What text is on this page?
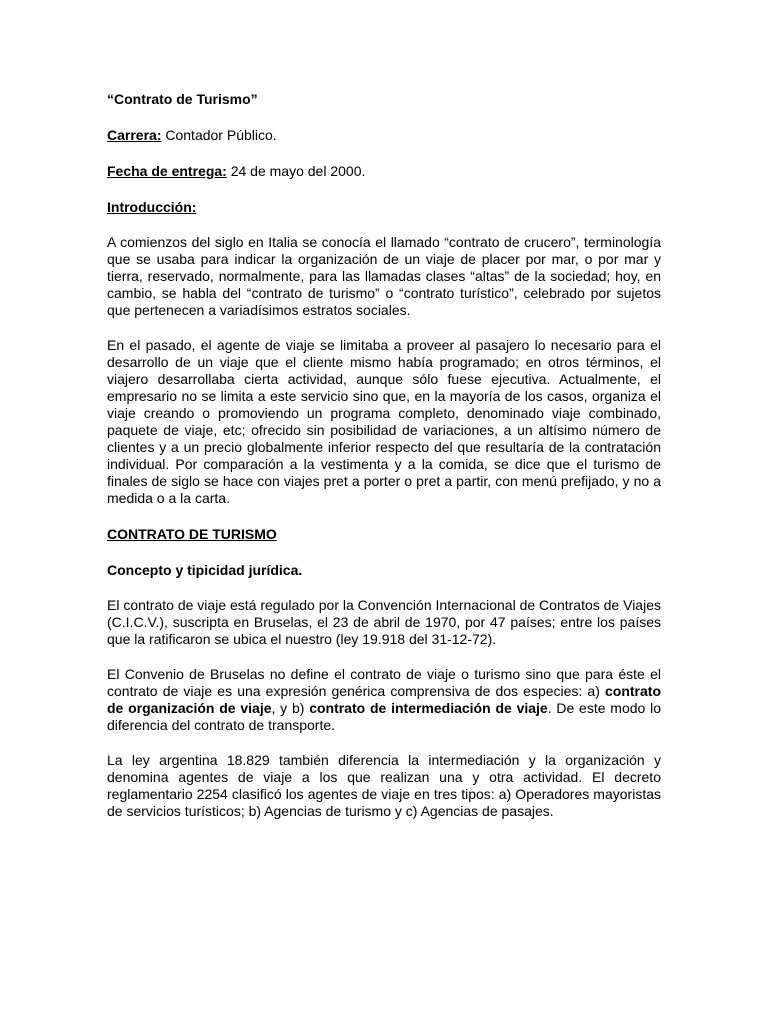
“Contrato de Turismo”

Carrera: Contador Público.

Fecha de entrega: 24 de mayo del 2000.

Introducción:

A comienzos del siglo en Italia se conocía el llamado “contrato de crucero”, terminología que se usaba para indicar la organización de un viaje de placer por mar, o por mar y tierra, reservado, normalmente, para las llamadas clases “altas” de la sociedad; hoy, en cambio, se habla del “contrato de turismo” o “contrato turístico”, celebrado por sujetos que pertenecen a variadísimos estratos sociales.

En el pasado, el agente de viaje se limitaba a proveer al pasajero lo necesario para el desarrollo de un viaje que el cliente mismo había programado; en otros términos, el viajero desarrollaba cierta actividad, aunque sólo fuese ejecutiva. Actualmente, el empresario no se limita a este servicio sino que, en la mayoría de los casos, organiza el viaje creando o promoviendo un programa completo, denominado viaje combinado, paquete de viaje, etc; ofrecido sin posibilidad de variaciones, a un altísimo número de clientes y a un precio globalmente inferior respecto del que resultaría de la contratación individual. Por comparación a la vestimenta y a la comida, se dice que el turismo de finales de siglo se hace con viajes pret a porter o pret a partir, con menú prefijado, y no a medida o a la carta.

CONTRATO DE TURISMO

Concepto y tipicidad jurídica.

El contrato de viaje está regulado por la Convención Internacional de Contratos de Viajes (C.I.C.V.), suscripta en Bruselas, el 23 de abril de 1970, por 47 países; entre los países que la ratificaron se ubica el nuestro (ley 19.918 del 31-12-72).

El Convenio de Bruselas no define el contrato de viaje o turismo sino que para éste el contrato de viaje es una expresión genérica comprensiva de dos especies: a) contrato de organización de viaje, y b) contrato de intermediación de viaje. De este modo lo diferencia del contrato de transporte.

La ley argentina 18.829 también diferencia la intermediación y la organización y denomina agentes de viaje a los que realizan una y otra actividad. El decreto reglamentario 2254 clasificó los agentes de viaje en tres tipos: a) Operadores mayoristas de servicios turísticos; b) Agencias de turismo y c) Agencias de pasajes.
